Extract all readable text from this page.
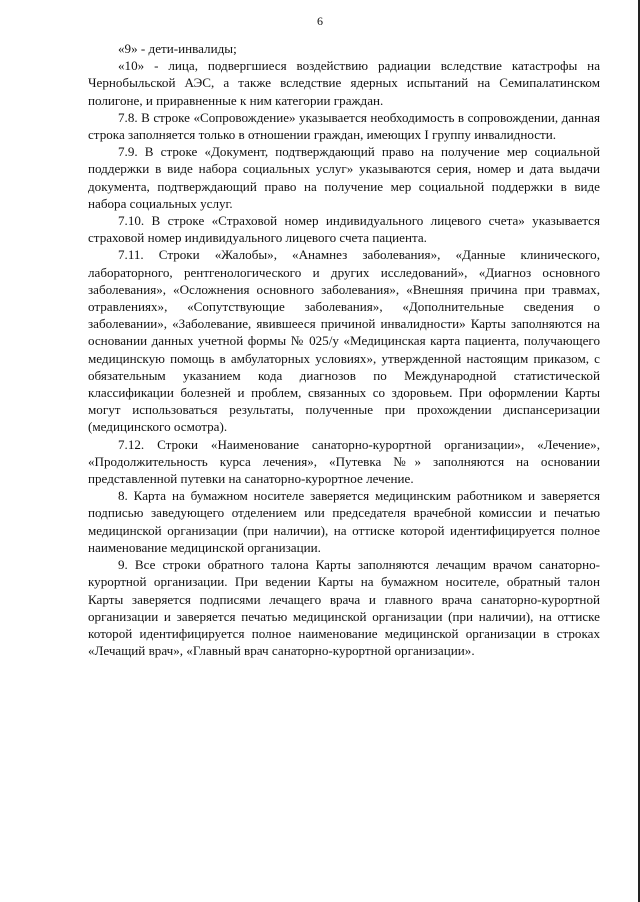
6

«9» - дети-инвалиды;

«10» - лица, подвергшиеся воздействию радиации вследствие катастрофы на Чернобыльской АЭС, а также вследствие ядерных испытаний на Семипалатинском полигоне, и приравненные к ним категории граждан.

7.8. В строке «Сопровождение» указывается необходимость в сопровождении, данная строка заполняется только в отношении граждан, имеющих I группу инвалидности.

7.9. В строке «Документ, подтверждающий право на получение мер социальной поддержки в виде набора социальных услуг» указываются серия, номер и дата выдачи документа, подтверждающий право на получение мер социальной поддержки в виде набора социальных услуг.

7.10. В строке «Страховой номер индивидуального лицевого счета» указывается страховой номер индивидуального лицевого счета пациента.

7.11. Строки «Жалобы», «Анамнез заболевания», «Данные клинического, лабораторного, рентгенологического и других исследований», «Диагноз основного заболевания», «Осложнения основного заболевания», «Внешняя причина при травмах, отравлениях», «Сопутствующие заболевания», «Дополнительные сведения о заболевании», «Заболевание, явившееся причиной инвалидности» Карты заполняются на основании данных учетной формы № 025/у «Медицинская карта пациента, получающего медицинскую помощь в амбулаторных условиях», утвержденной настоящим приказом, с обязательным указанием кода диагнозов по Международной статистической классификации болезней и проблем, связанных со здоровьем. При оформлении Карты могут использоваться результаты, полученные при прохождении диспансеризации (медицинского осмотра).

7.12. Строки «Наименование санаторно-курортной организации», «Лечение», «Продолжительность курса лечения», «Путевка №» заполняются на основании представленной путевки на санаторно-курортное лечение.

8. Карта на бумажном носителе заверяется медицинским работником и заверяется подписью заведующего отделением или председателя врачебной комиссии и печатью медицинской организации (при наличии), на оттиске которой идентифицируется полное наименование медицинской организации.

9. Все строки обратного талона Карты заполняются лечащим врачом санаторно-курортной организации. При ведении Карты на бумажном носителе, обратный талон Карты заверяется подписями лечащего врача и главного врача санаторно-курортной организации и заверяется печатью медицинской организации (при наличии), на оттиске которой идентифицируется полное наименование медицинской организации в строках «Лечащий врач», «Главный врач санаторно-курортной организации».
